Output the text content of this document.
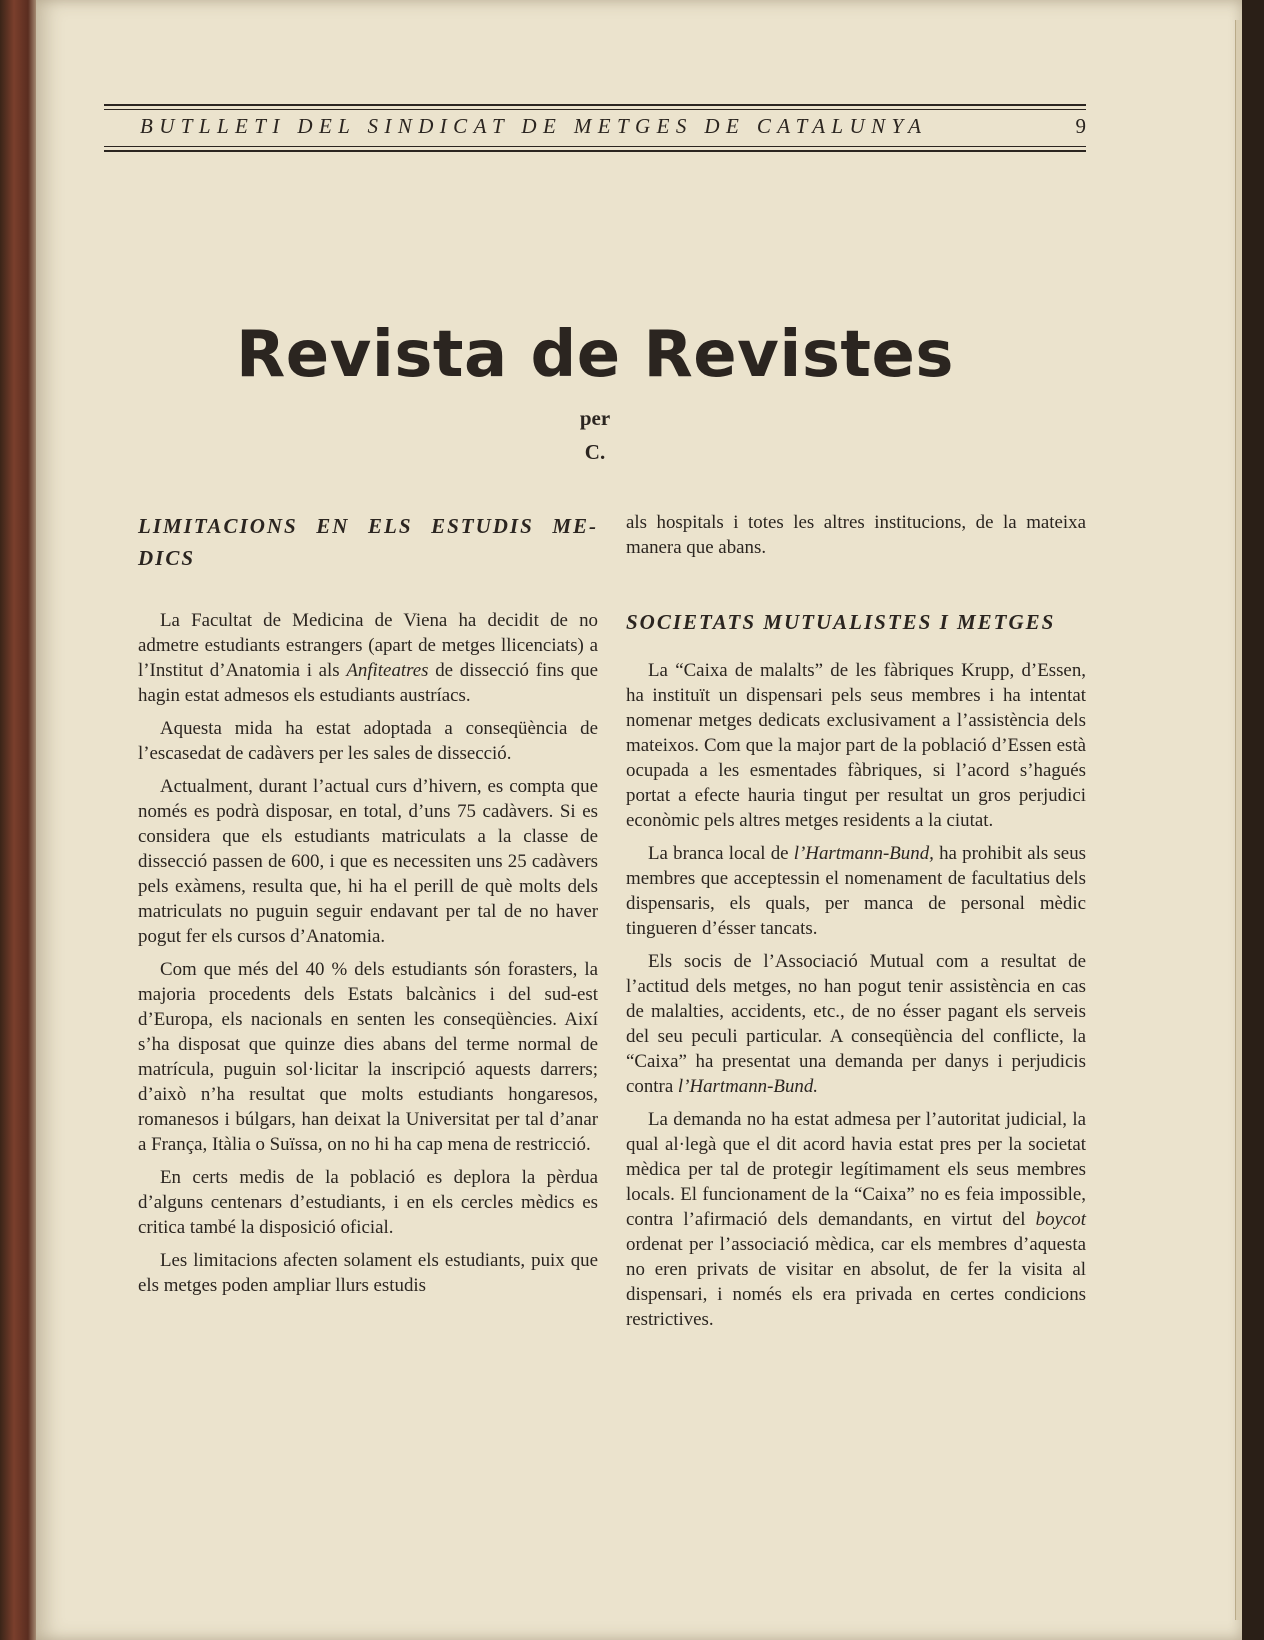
BUTLLETI DEL SINDICAT DE METGES DE CATALUNYA	9
Revista de Revistes
per
C.
LIMITACIONS EN ELS ESTUDIS ME-DICS

La Facultat de Medicina de Viena ha decidit de no admetre estudiants estrangers (apart de metges llicenciats) a l’Institut d’Anatomia i als Anfiteatres de dissecció fins que hagin estat admesos els estudiants austríacs.

Aquesta mida ha estat adoptada a conseqüència de l’escasedat de cadàvers per les sales de dissecció.

Actualment, durant l’actual curs d’hivern, es compta que només es podrà disposar, en total, d’uns 75 cadàvers. Si es considera que els estudiants matriculats a la classe de dissecció passen de 600, i que es necessiten uns 25 cadàvers pels exàmens, resulta que, hi ha el perill de què molts dels matriculats no puguin seguir endavant per tal de no haver pogut fer els cursos d’Anatomia.

Com que més del 40 % dels estudiants són forasters, la majoria procedents dels Estats balcànics i del sud-est d’Europa, els nacionals en senten les conseqüències. Així s’ha disposat que quinze dies abans del terme normal de matrícula, puguin sol·licitar la inscripció aquests darrers; d’això n’ha resultat que molts estudiants hongaresos, romanesos i búlgars, han deixat la Universitat per tal d’anar a França, Itàlia o Suïssa, on no hi ha cap mena de restricció.

En certs medis de la població es deplora la pèrdua d’alguns centenars d’estudiants, i en els cercles mèdics es critica també la disposició oficial.

Les limitacions afecten solament els estudiants, puix que els metges poden ampliar llurs estudis

als hospitals i totes les altres institucions, de la mateixa manera que abans.

SOCIETATS MUTUALISTES I METGES

La “Caixa de malalts” de les fàbriques Krupp, d’Essen, ha instituït un dispensari pels seus membres i ha intentat nomenar metges dedicats exclusivament a l’assistència dels mateixos. Com que la major part de la població d’Essen està ocupada a les esmentades fàbriques, si l’acord s’hagués portat a efecte hauria tingut per resultat un gros perjudici econòmic pels altres metges residents a la ciutat.

La branca local de l’Hartmann-Bund, ha prohibit als seus membres que acceptessin el nomenament de facultatius dels dispensaris, els quals, per manca de personal mèdic tingueren d’ésser tancats.

Els socis de l’Associació Mutual com a resultat de l’actitud dels metges, no han pogut tenir assistència en cas de malalties, accidents, etc., de no ésser pagant els serveis del seu peculi particular. A conseqüència del conflicte, la “Caixa” ha presentat una demanda per danys i perjudicis contra l’Hartmann-Bund.

La demanda no ha estat admesa per l’autoritat judicial, la qual al·legà que el dit acord havia estat pres per la societat mèdica per tal de protegir legítimament els seus membres locals. El funcionament de la “Caixa” no es feia impossible, contra l’afirmació dels demandants, en virtut del boycot ordenat per l’associació mèdica, car els membres d’aquesta no eren privats de visitar en absolut, de fer la visita al dispensari, i només els era privada en certes condicions restrictives.
